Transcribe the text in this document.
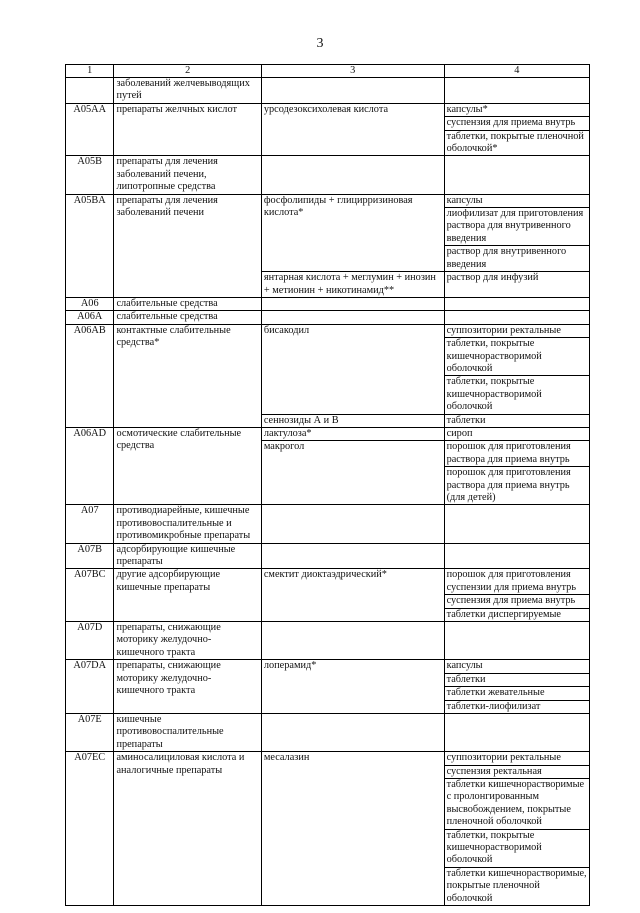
3
1	2	3	4
	заболеваний желчевыводящих путей		
A05AA	препараты желчных кислот	урсодезоксихолевая кислота	капсулы*
суспензия для приема внутрь
таблетки, покрытые пленочной оболочкой*

A05B	препараты для лечения заболеваний печени, липотропные средства		
A05BA	препараты для лечения заболеваний печени	фосфолипиды + глицирризиновая кислота*	капсулы
лиофилизат для приготовления раствора для внутривенного введения
раствор для внутривенного введения

		янтарная кислота + меглумин + инозин + метионин + никотинамид**	раствор для инфузий

A06	слабительные средства		
A06A	слабительные средства		
A06AB	контактные слабительные средства*	бисакодил	суппозитории ректальные
таблетки, покрытые кишечнорастворимой оболочкой
таблетки, покрытые кишечнорастворимой оболочкой

		сеннозиды А и В	таблетки

A06AD	осмотические слабительные средства	лактулоза*	сироп

		макрогол	порошок для приготовления раствора для приема внутрь
порошок для приготовления раствора для приема внутрь (для детей)

A07	противодиарейные, кишечные противовоспалительные и противомикробные препараты		
A07B	адсорбирующие кишечные препараты		
A07BC	другие адсорбирующие кишечные препараты	смектит диоктаэдрический*	порошок для приготовления суспензии для приема внутрь
суспензия для приема внутрь
таблетки диспергируемые

A07D	препараты, снижающие моторику желудочно-кишечного тракта		
A07DA	препараты, снижающие моторику желудочно-кишечного тракта	лоперамид*	капсулы
таблетки
таблетки жевательные
таблетки-лиофилизат

A07E	кишечные противовоспалительные препараты		
A07EC	аминосалициловая кислота и аналогичные препараты	месалазин	суппозитории ректальные
суспензия ректальная
таблетки кишечнорастворимые с пролонгированным высвобождением, покрытые пленочной оболочкой
таблетки, покрытые кишечнорастворимой оболочкой
таблетки кишечнорастворимые, покрытые пленочной оболочкой
